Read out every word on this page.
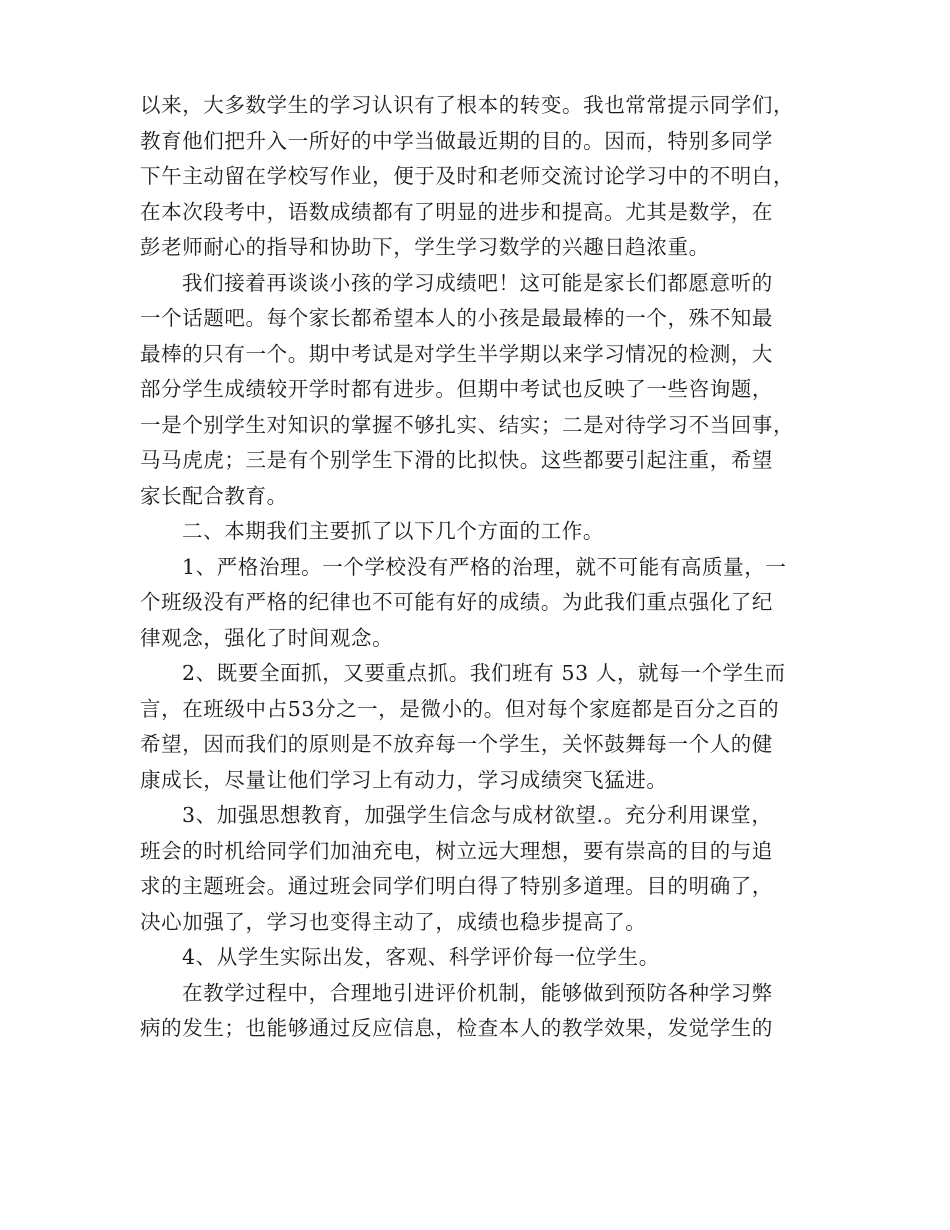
以来，大多数学生的学习认识有了根本的转变。我也常常提示同学们，
教育他们把升入一所好的中学当做最近期的目的。因而，特别多同学
下午主动留在学校写作业，便于及时和老师交流讨论学习中的不明白，
在本次段考中，语数成绩都有了明显的进步和提高。尤其是数学，在
彭老师耐心的指导和协助下，学生学习数学的兴趣日趋浓重。
我们接着再谈谈小孩的学习成绩吧！这可能是家长们都愿意听的
一个话题吧。每个家长都希望本人的小孩是最最棒的一个，殊不知最
最棒的只有一个。期中考试是对学生半学期以来学习情况的检测，大
部分学生成绩较开学时都有进步。但期中考试也反映了一些咨询题，
一是个别学生对知识的掌握不够扎实、结实；二是对待学习不当回事，
马马虎虎；三是有个别学生下滑的比拟快。这些都要引起注重，希望
家长配合教育。
二、本期我们主要抓了以下几个方面的工作。
1、严格治理。一个学校没有严格的治理，就不可能有高质量，一
个班级没有严格的纪律也不可能有好的成绩。为此我们重点强化了纪
律观念，强化了时间观念。
2、既要全面抓，又要重点抓。我们班有 53 人，就每一个学生而
言，在班级中占53分之一，是微小的。但对每个家庭都是百分之百的
希望，因而我们的原则是不放弃每一个学生，关怀鼓舞每一个人的健
康成长，尽量让他们学习上有动力，学习成绩突飞猛进。
3、加强思想教育，加强学生信念与成材欲望.。充分利用课堂，
班会的时机给同学们加油充电，树立远大理想，要有崇高的目的与追
求的主题班会。通过班会同学们明白得了特别多道理。目的明确了，
决心加强了，学习也变得主动了，成绩也稳步提高了。
4、从学生实际出发，客观、科学评价每一位学生。
在教学过程中，合理地引进评价机制，能够做到预防各种学习弊
病的发生；也能够通过反应信息，检查本人的教学效果，发觉学生的
